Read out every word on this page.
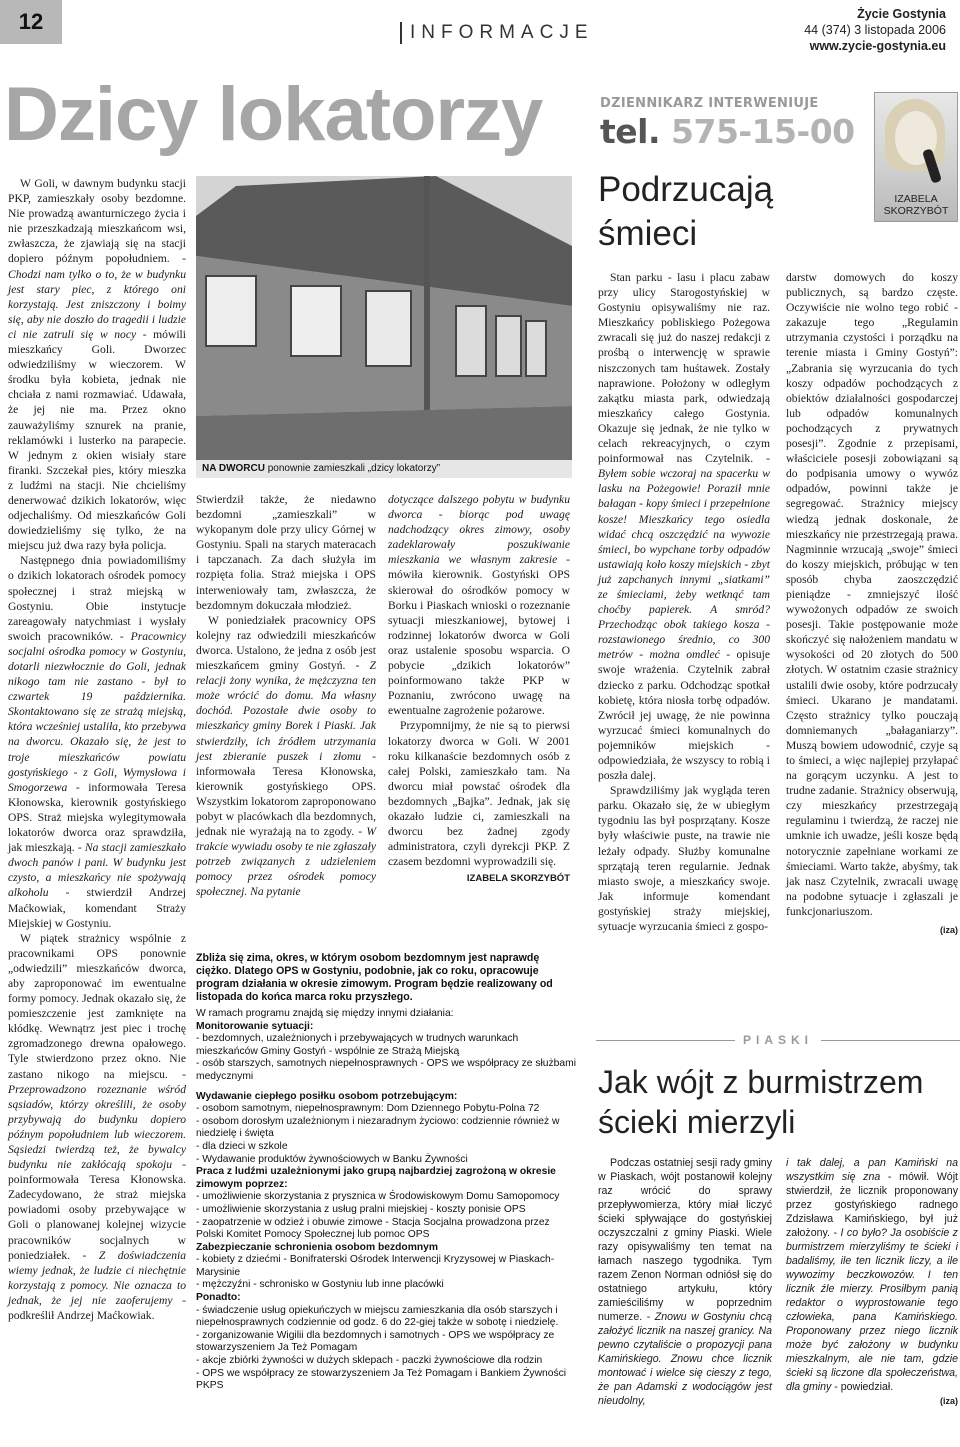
12	INFORMACJE
Życie Gostynia
44 (374) 3 listopada 2006
www.zycie-gostynia.eu
Dzicy lokatorzy	DZIENNIKARZ INTERWENIUJE
tel. 575-15-00
IZABELA
SKORZYBÓT

W Goli, w dawnym budynku stacji PKP, zamieszkały osoby bezdomne. Nie prowadzą awanturniczego życia i nie przeszkadzają mieszkańcom wsi, zwłaszcza, że zjawiają się na stacji dopiero późnym popołudniem. - Chodzi nam tylko o to, że w budynku jest stary piec, z którego oni korzystają. Jest zniszczony i boimy się, aby nie doszło do tragedii i ludzie ci nie zatruli się w nocy - mówili mieszkańcy Goli. Dworzec odwiedziliśmy w wieczorem. W środku była kobieta, jednak nie chciała z nami rozmawiać. Udawała, że jej nie ma. Przez okno zauważyliśmy sznurek na pranie, reklamówki i lusterko na parapecie. W jednym z okien wisiały stare firanki. Szczekał pies, który mieszka z ludźmi na stacji. Nie chcieliśmy denerwować dzikich lokatorów, więc odjechaliśmy. Od mieszkańców Goli dowiedzieliśmy się tylko, że na miejscu już dwa razy była policja.

Następnego dnia powiadomiliśmy o dzikich lokatorach ośrodek pomocy społecznej i straż miejską w Gostyniu. Obie instytucje zareagowały natychmiast i wysłały swoich pracowników. - Pracownicy socjalni ośrodka pomocy w Gostyniu, dotarli niezwłocznie do Goli, jednak nikogo tam nie zastano - był to czwartek 19 października. Skontaktowano się ze strażą miejską, która wcześniej ustaliła, kto przebywa na dworcu. Okazało się, że jest to troje mieszkańców powiatu gostyńskiego - z Goli, Wymysłowa i Smogorzewa - informowała Teresa Kłonowska, kierownik gostyńskiego OPS. Straż miejska wylegitymowała lokatorów dworca oraz sprawdziła, jak mieszkają. - Na stacji zamieszkało dwoch panów i pani. W budynku jest czysto, a mieszkańcy nie spożywają alkoholu - stwierdził Andrzej Maćkowiak, komendant Straży Miejskiej w Gostyniu.

W piątek strażnicy wspólnie z pracownikami OPS ponownie „odwiedzili” mieszkańców dworca, aby zaproponować im ewentualne formy pomocy. Jednak okazało się, że pomieszczenie jest zamknięte na kłódkę. Wewnątrz jest piec i trochę zgromadzonego drewna opałowego. Tyle stwierdzono przez okno. Nie zastano nikogo na miejscu. - Przeprowadzono rozeznanie wśród sąsiadów, którzy określili, że osoby przybywają do budynku dopiero późnym popołudniem lub wieczorem. Sąsiedzi twierdzą też, że bywalcy budynku nie zakłócają spokoju - poinformowała Teresa Kłonowska. Zadecydowano, że straż miejska powiadomi osoby przebywające w Goli o planowanej kolejnej wizycie pracowników socjalnych w poniedziałek. - Z doświadczenia wiemy jednak, że ludzie ci niechętnie korzystają z pomocy. Nie oznacza to jednak, że jej nie zaoferujemy - podkreślił Andrzej Maćkowiak.

NA DWORCU ponownie zamieszkali „dzicy lokatorzy”

Stwierdził także, że niedawno bezdomni „zamieszkali” w wykopanym dole przy ulicy Górnej w Gostyniu. Spali na starych materacach i tapczanach. Za dach służyła im rozpięta folia. Straż miejska i OPS interweniowały tam, zwłaszcza, że bezdomnym dokuczała młodzież.

W poniedziałek pracownicy OPS kolejny raz odwiedzili mieszkańców dworca. Ustalono, że jedna z osób jest mieszkańcem gminy Gostyń. - Z relacji żony wynika, że mężczyzna ten może wrócić do domu. Ma własny dochód. Pozostałe dwie osoby to mieszkańcy gminy Borek i Piaski. Jak stwierdziły, ich źródłem utrzymania jest zbieranie puszek i złomu - informowała Teresa Kłonowska, kierownik gostyńskiego OPS. Wszystkim lokatorom zaproponowano pobyt w placówkach dla bezdomnych, jednak nie wyrażają na to zgody. - W trakcie wywiadu osoby te nie zgłaszały potrzeb związanych z udzieleniem pomocy przez ośrodek pomocy społecznej. Na pytanie

dotyczące dalszego pobytu w budynku dworca - biorąc pod uwagę nadchodzący okres zimowy, osoby zadeklarowały poszukiwanie mieszkania we własnym zakresie - mówiła kierownik. Gostyński OPS skierował do ośrodków pomocy w Borku i Piaskach wnioski o rozeznanie sytuacji mieszkaniowej, bytowej i rodzinnej lokatorów dworca w Goli oraz ustalenie sposobu wsparcia. O pobycie „dzikich lokatorów” poinformowano także PKP w Poznaniu, zwrócono uwagę na ewentualne zagrożenie pożarowe.

Przypomnijmy, że nie są to pierwsi lokatorzy dworca w Goli. W 2001 roku kilkanaście bezdomnych osób z całej Polski, zamieszkało tam. Na dworcu miał powstać ośrodek dla bezdomnych „Bajka”. Jednak, jak się okazało ludzie ci, zamieszkali na dworcu bez żadnej zgody administratora, czyli dyrekcji PKP. Z czasem bezdomni wyprowadzili się.

IZABELA SKORZYBÓT
Zbliża się zima, okres, w którym osobom bezdomnym jest naprawdę ciężko. Dlatego OPS w Gostyniu, podobnie, jak co roku, opracowuje program działania w okresie zimowym. Program będzie realizowany od listopada do końca marca roku przyszłego.
W ramach programu znajdą się między innymi działania:
Monitorowanie sytuacji:
- bezdomnych, uzależnionych i przebywających w trudnych warunkach mieszkańców Gminy Gostyń - wspólnie ze Strażą Miejską
- osób starszych, samotnych niepełnosprawnych - OPS we współpracy ze służbami medycznymi
Wydawanie ciepłego posiłku osobom potrzebującym:
- osobom samotnym, niepełnosprawnym: Dom Dziennego Pobytu-Polna 72
- osobom dorosłym uzależnionym i niezaradnym życiowo: codziennie również w niedzielę i święta
- dla dzieci w szkole
- Wydawanie produktów żywnościowych w Banku Żywności
Praca z ludźmi uzależnionymi jako grupą najbardziej zagrożoną w okresie zimowym poprzez:
- umożliwienie skorzystania z prysznica w Środowiskowym Domu Samopomocy
- umożliwienie skorzystania z usług pralni miejskiej - koszty ponisie OPS
- zaopatrzenie w odzież i obuwie zimowe - Stacja Socjalna prowadzona przez Polski Komitet Pomocy Społecznej lub pomoc OPS
Zabezpieczanie schronienia osobom bezdomnym
- kobiety z dziećmi - Bonifraterski Ośrodek Interwencji Kryzysowej w Piaskach-Marysinie
- mężczyźni - schronisko w Gostyniu lub inne placówki
Ponadto:
- świadczenie usług opiekuńczych w miejscu zamieszkania dla osób starszych i niepełnosprawnych codziennie od godz. 6 do 22-giej także w sobotę i niedzielę.
- zorganizowanie Wigilii dla bezdomnych i samotnych - OPS we współpracy ze stowarzyszeniem Ja Też Pomagam
- akcje zbiórki żywności w dużych sklepach - paczki żywnościowe dla rodzin
- OPS we współpracy ze stowarzyszeniem Ja Też Pomagam i Bankiem Żywności PKPS
Podrzucają
śmieci

Stan parku - lasu i placu zabaw przy ulicy Starogostyńskiej w Gostyniu opisywaliśmy nie raz. Mieszkańcy pobliskiego Pożegowa zwracali się już do naszej redakcji z prośbą o interwencję w sprawie niszczonych tam huśtawek. Zostały naprawione. Położony w odległym zakątku miasta park, odwiedzają mieszkańcy całego Gostynia. Okazuje się jednak, że nie tylko w celach rekreacyjnych, o czym poinformował nas Czytelnik. - Byłem sobie wczoraj na spacerku w lasku na Pożegowie! Poraził mnie bałagan - kopy śmieci i przepełnione kosze! Mieszkańcy tego osiedla widać chcą oszczędzić na wywozie śmieci, bo wypchane torby odpadów ustawiają koło koszy miejskich - zbyt już zapchanych innymi „siatkami” ze śmieciami, żeby wetknąć tam choćby papierek. A smród? Przechodząc obok takiego kosza - rozstawionego średnio, co 300 metrów - można omdleć - opisuje swoje wrażenia. Czytelnik zabrał dziecko z parku. Odchodząc spotkał kobietę, która niosła torbę odpadów. Zwrócił jej uwagę, że nie powinna wyrzucać śmieci komunalnych do pojemników miejskich - odpowiedziała, że wszyscy to robią i poszła dalej.

Sprawdziliśmy jak wygląda teren parku. Okazało się, że w ubiegłym tygodniu las był posprzątany. Kosze były właściwie puste, na trawie nie leżały odpady. Służby komunalne sprzątają teren regularnie. Jednak miasto swoje, a mieszkańcy swoje. Jak informuje komendant gostyńskiej straży miejskiej, sytuacje wyrzucania śmieci z gospo-

darstw domowych do koszy publicznych, są bardzo częste. Oczywiście nie wolno tego robić - zakazuje tego „Regulamin utrzymania czystości i porządku na terenie miasta i Gminy Gostyń”: „Zabrania się wyrzucania do tych koszy odpadów pochodzących z obiektów działalności gospodarczej lub odpadów komunalnych pochodzących z prywatnych posesji”. Zgodnie z przepisami, właściciele posesji zobowiązani są do podpisania umowy o wywóz odpadów, powinni także je segregować. Strażnicy miejscy wiedzą jednak doskonale, że mieszkańcy nie przestrzegają prawa. Nagminnie wrzucają „swoje” śmieci do koszy miejskich, próbując w ten sposób chyba zaoszczędzić pieniądze - zmniejszyć ilość wywożonych odpadów ze swoich posesji. Takie postępowanie może skończyć się nałożeniem mandatu w wysokości od 20 złotych do 500 złotych. W ostatnim czasie strażnicy ustalili dwie osoby, które podrzucały śmieci. Ukarano je mandatami. Często strażnicy tylko pouczają domniemanych „bałaganiarzy”. Muszą bowiem udowodnić, czyje są to śmieci, a więc najlepiej przyłapać na gorącym uczynku. A jest to trudne zadanie. Strażnicy obserwują, czy mieszkańcy przestrzegają regulaminu i twierdzą, że raczej nie umknie ich uwadze, jeśli kosze będą notorycznie zapełniane workami ze śmieciami. Warto także, abyśmy, tak jak nasz Czytelnik, zwracali uwagę na podobne sytuacje i zgłaszali je funkcjonariuszom.

(iza)
PIASKI
Jak wójt z burmistrzem
ścieki mierzyli

Podczas ostatniej sesji rady gminy w Piaskach, wójt postanowił kolejny raz wrócić do sprawy przepływomierza, który miał liczyć ścieki spływające do gostyńskiej oczyszczalni z gminy Piaski. Wiele razy opisywaliśmy ten temat na łamach naszego tygodnika. Tym razem Zenon Norman odniósł się do ostatniego artykułu, który zamieściliśmy w poprzednim numerze. - Znowu w Gostyniu chcą założyć licznik na naszej granicy. Na pewno czytaliście o propozycji pana Kamińskiego. Znowu chce licznik montować i wielce się cieszy z tego, że pan Adamski z wodociągów jest nieudolny,

i tak dalej, a pan Kamiński na wszystkim się zna - mówił. Wójt stwierdził, że licznik proponowany przez gostyńskiego radnego Zdzisława Kamińskiego, był już założony. - I co było? Ja osobiście z burmistrzem mierzyliśmy te ścieki i badaliśmy, ile ten licznik liczy, a ile wywozimy beczkowozów. I ten licznik źle mierzy. Prosiłbym panią redaktor o wyprostowanie tego człowieka, pana Kamińskiego. Proponowany przez niego licznik może być założony w budynku mieszkalnym, ale nie tam, gdzie ścieki są liczone dla społeczeństwa, dla gminy - powiedział.

(iza)
